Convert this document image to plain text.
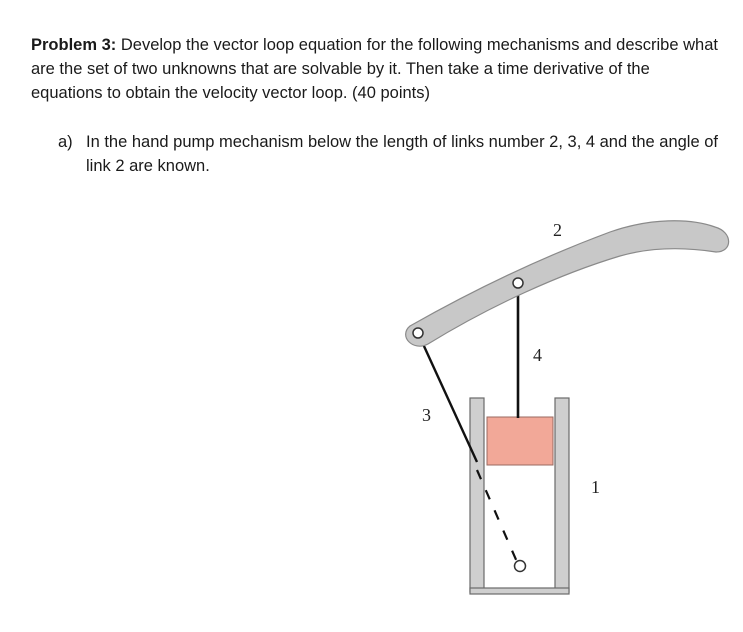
Problem 3: Develop the vector loop equation for the following mechanisms and describe what are the set of two unknowns that are solvable by it. Then take a time derivative of the equations to obtain the velocity vector loop. (40 points)
a) In the hand pump mechanism below the length of links number 2, 3, 4 and the angle of link 2 are known.
2
4
3
1
